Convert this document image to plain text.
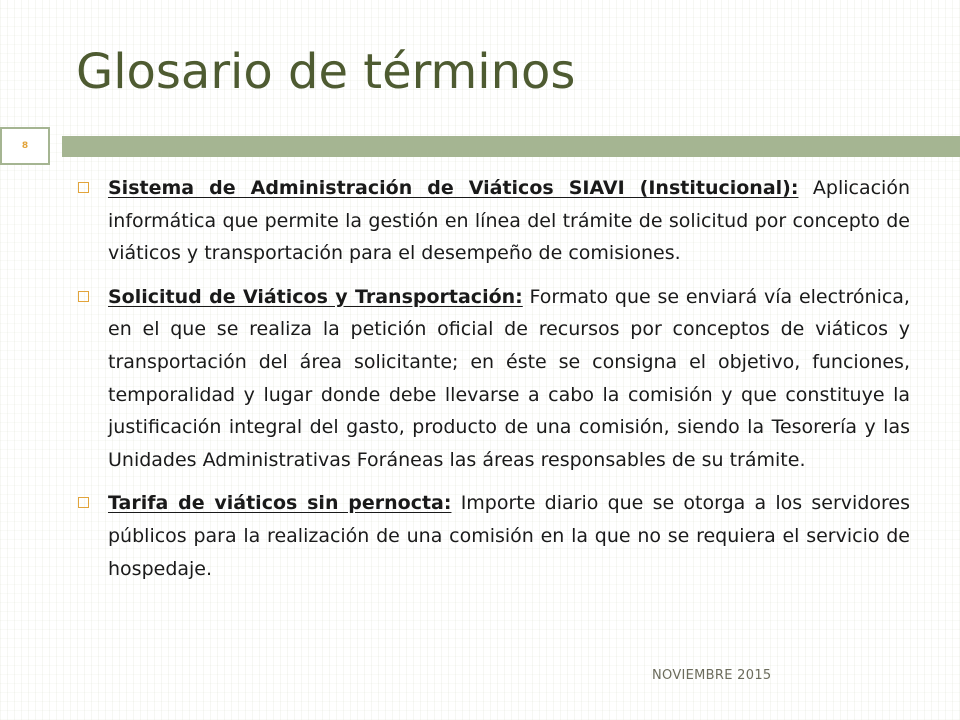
Glosario de términos
8
Sistema de Administración de Viáticos SIAVI (Institucional): Aplicación informática que permite la gestión en línea del trámite de solicitud por concepto de viáticos y transportación para el desempeño de comisiones.
Solicitud de Viáticos y Transportación: Formato que se enviará vía electrónica, en el que se realiza la petición oficial de recursos por conceptos de viáticos y transportación del área solicitante; en éste se consigna el objetivo, funciones, temporalidad y lugar donde debe llevarse a cabo la comisión y que constituye la justificación integral del gasto, producto de una comisión, siendo la Tesorería y las Unidades Administrativas Foráneas las áreas responsables de su trámite.
Tarifa de viáticos sin pernocta: Importe diario que se otorga a los servidores públicos para la realización de una comisión en la que no se requiera el servicio de hospedaje.
NOVIEMBRE 2015
